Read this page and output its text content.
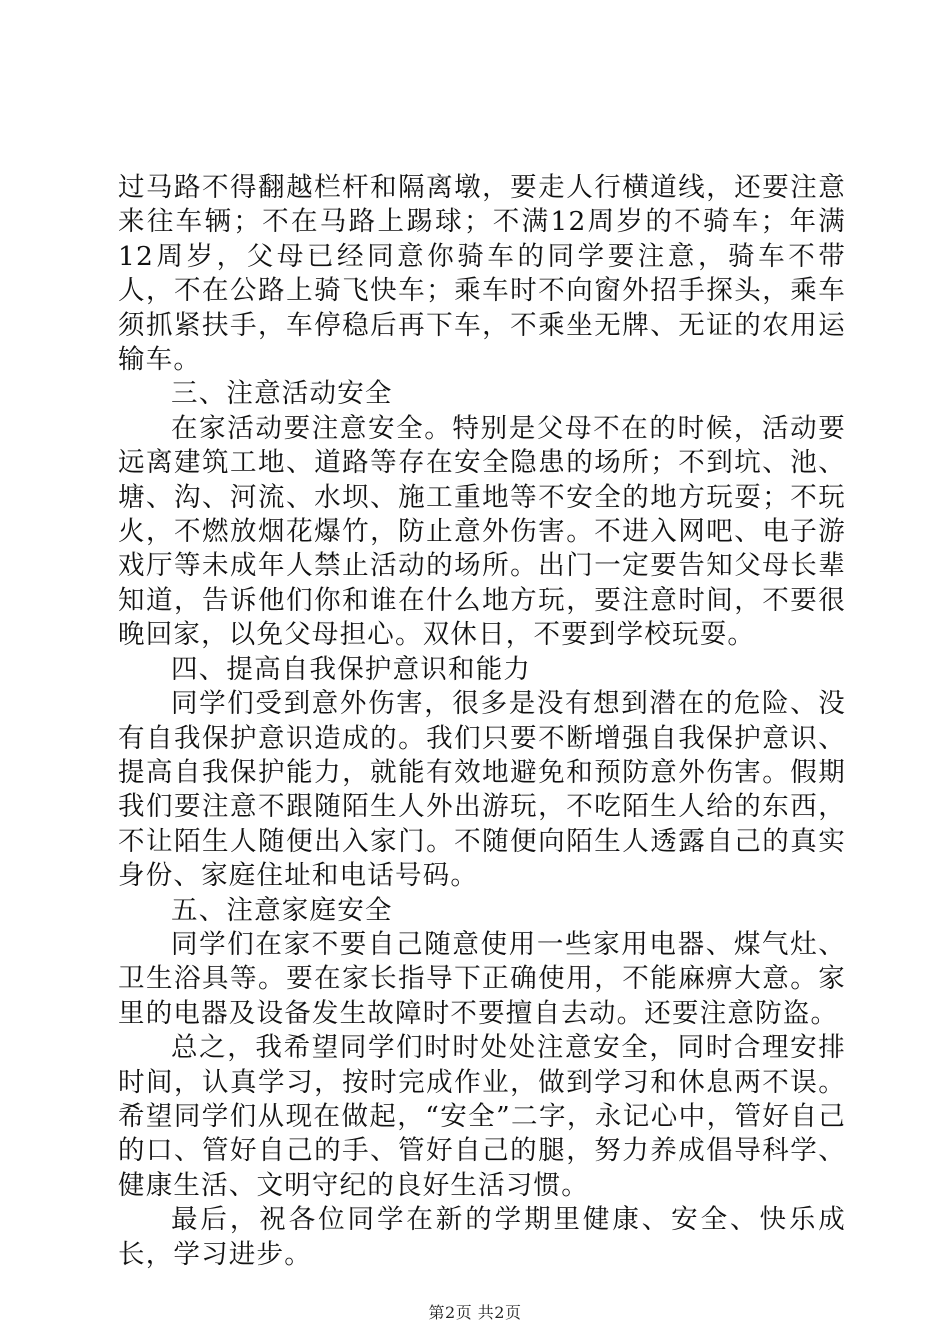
过马路不得翻越栏杆和隔离墩，要走人行横道线，还要注意来往车辆；不在马路上踢球；不满12周岁的不骑车；年满12周岁，父母已经同意你骑车的同学要注意，骑车不带人，不在公路上骑飞快车；乘车时不向窗外招手探头，乘车须抓紧扶手，车停稳后再下车，不乘坐无牌、无证的农用运输车。

三、注意活动安全

在家活动要注意安全。特别是父母不在的时候，活动要远离建筑工地、道路等存在安全隐患的场所；不到坑、池、塘、沟、河流、水坝、施工重地等不安全的地方玩耍；不玩火，不燃放烟花爆竹，防止意外伤害。不进入网吧、电子游戏厅等未成年人禁止活动的场所。出门一定要告知父母长辈知道，告诉他们你和谁在什么地方玩，要注意时间，不要很晚回家，以免父母担心。双休日，不要到学校玩耍。

四、提高自我保护意识和能力

同学们受到意外伤害，很多是没有想到潜在的危险、没有自我保护意识造成的。我们只要不断增强自我保护意识、提高自我保护能力，就能有效地避免和预防意外伤害。假期我们要注意不跟随陌生人外出游玩，不吃陌生人给的东西，不让陌生人随便出入家门。不随便向陌生人透露自己的真实身份、家庭住址和电话号码。

五、注意家庭安全

同学们在家不要自己随意使用一些家用电器、煤气灶、卫生浴具等。要在家长指导下正确使用，不能麻痹大意。家里的电器及设备发生故障时不要擅自去动。还要注意防盗。

总之，我希望同学们时时处处注意安全，同时合理安排时间，认真学习，按时完成作业，做到学习和休息两不误。希望同学们从现在做起，“安全”二字，永记心中，管好自己的口、管好自己的手、管好自己的腿，努力养成倡导科学、健康生活、文明守纪的良好生活习惯。

最后，祝各位同学在新的学期里健康、安全、快乐成长，学习进步。

第2页 共2页
